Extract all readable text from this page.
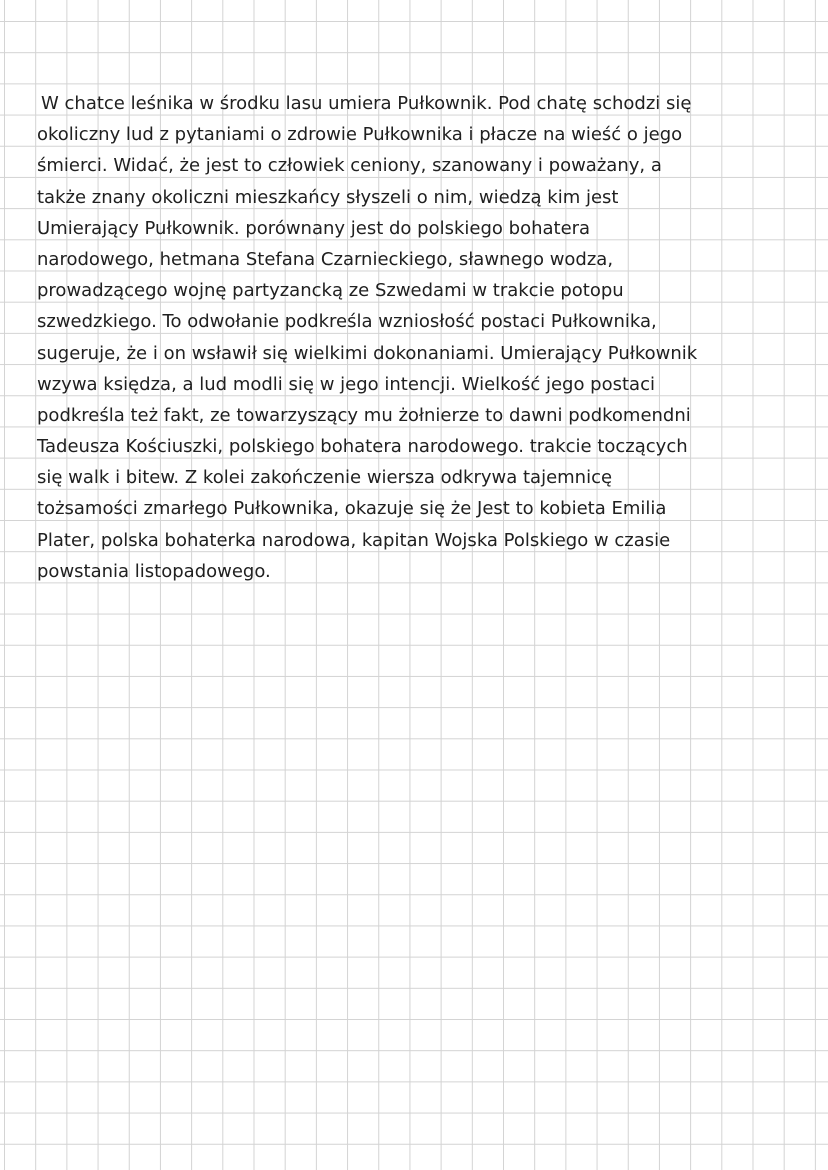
W chatce leśnika w środku lasu umiera Pułkownik. Pod chatę schodzi się
okoliczny lud z pytaniami o zdrowie Pułkownika i płacze na wieść o jego
śmierci. Widać, że jest to człowiek ceniony, szanowany i poważany, a
także znany okoliczni mieszkańcy słyszeli o nim, wiedzą kim jest
Umierający Pułkownik. porównany jest do polskiego bohatera
narodowego, hetmana Stefana Czarnieckiego, sławnego wodza,
prowadzącego wojnę partyzancką ze Szwedami w trakcie potopu
szwedzkiego. To odwołanie podkreśla wzniosłość postaci Pułkownika,
sugeruje, że i on wsławił się wielkimi dokonaniami. Umierający Pułkownik
wzywa księdza, a lud modli się w jego intencji. Wielkość jego postaci
podkreśla też fakt, ze towarzyszący mu żołnierze to dawni podkomendni
Tadeusza Kościuszki, polskiego bohatera narodowego. trakcie toczących
się walk i bitew. Z kolei zakończenie wiersza odkrywa tajemnicę
tożsamości zmarłego Pułkownika, okazuje się że Jest to kobieta Emilia
Plater, polska bohaterka narodowa, kapitan Wojska Polskiego w czasie
powstania listopadowego.
